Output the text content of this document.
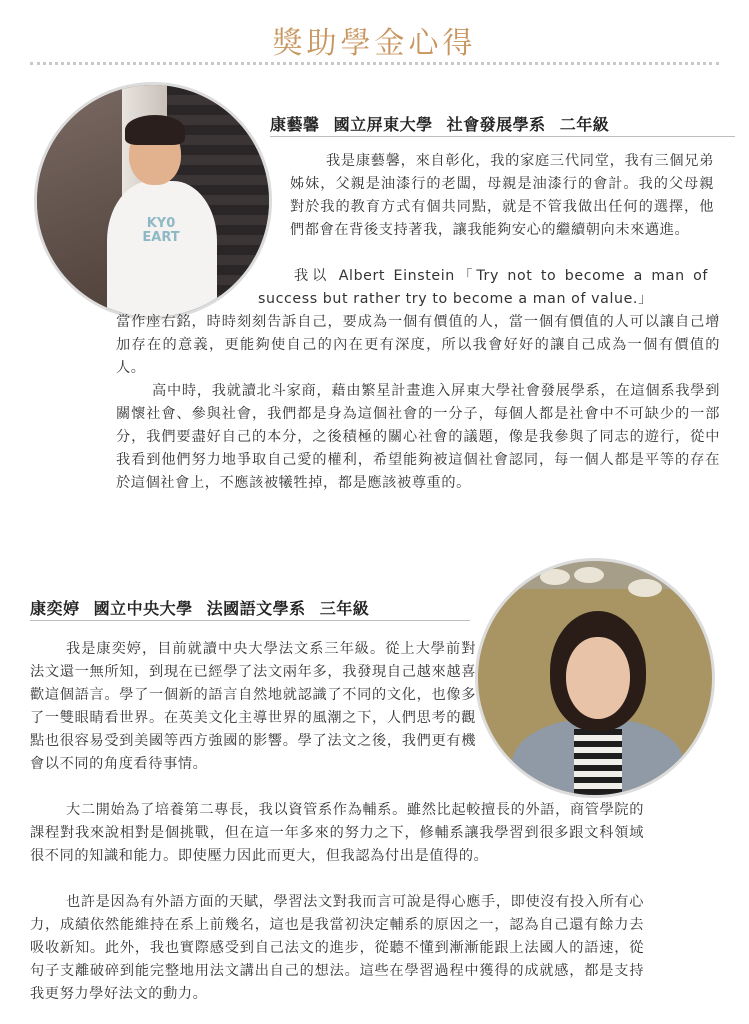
獎助學金心得
KY0
EART
康藝馨 國立屏東大學 社會發展學系 二年級

我是康藝馨，來自彰化，我的家庭三代同堂，我有三個兄弟姊妹，父親是油漆行的老闆，母親是油漆行的會計。我的父母親對於我的教育方式有個共同點，就是不管我做出任何的選擇，他們都會在背後支持著我，讓我能夠安心的繼續朝向未來邁進。

我以 Albert Einstein「Try not to become a man of success but rather try to become a man of value.」

當作座右銘，時時刻刻告訴自己，要成為一個有價值的人，當一個有價值的人可以讓自己增加存在的意義，更能夠使自己的內在更有深度，所以我會好好的讓自己成為一個有價值的人。

高中時，我就讀北斗家商，藉由繁星計畫進入屏東大學社會發展學系，在這個系我學到關懷社會、參與社會，我們都是身為這個社會的一分子，每個人都是社會中不可缺少的一部分，我們要盡好自己的本分，之後積極的關心社會的議題，像是我參與了同志的遊行，從中我看到他們努力地爭取自己愛的權利，希望能夠被這個社會認同，每一個人都是平等的存在於這個社會上，不應該被犧牲掉，都是應該被尊重的。

康奕婷 國立中央大學 法國語文學系 三年級

我是康奕婷，目前就讀中央大學法文系三年級。從上大學前對法文還一無所知，到現在已經學了法文兩年多，我發現自己越來越喜歡這個語言。學了一個新的語言自然地就認識了不同的文化，也像多了一雙眼睛看世界。在英美文化主導世界的風潮之下，人們思考的觀點也很容易受到美國等西方強國的影響。學了法文之後，我們更有機會以不同的角度看待事情。

大二開始為了培養第二專長，我以資管系作為輔系。雖然比起較擅長的外語，商管學院的課程對我來說相對是個挑戰，但在這一年多來的努力之下，修輔系讓我學習到很多跟文科領域很不同的知識和能力。即使壓力因此而更大，但我認為付出是值得的。

也許是因為有外語方面的天賦，學習法文對我而言可說是得心應手，即使沒有投入所有心力，成績依然能維持在系上前幾名，這也是我當初決定輔系的原因之一，認為自己還有餘力去吸收新知。此外，我也實際感受到自己法文的進步，從聽不懂到漸漸能跟上法國人的語速，從句子支離破碎到能完整地用法文講出自己的想法。這些在學習過程中獲得的成就感，都是支持我更努力學好法文的動力。
